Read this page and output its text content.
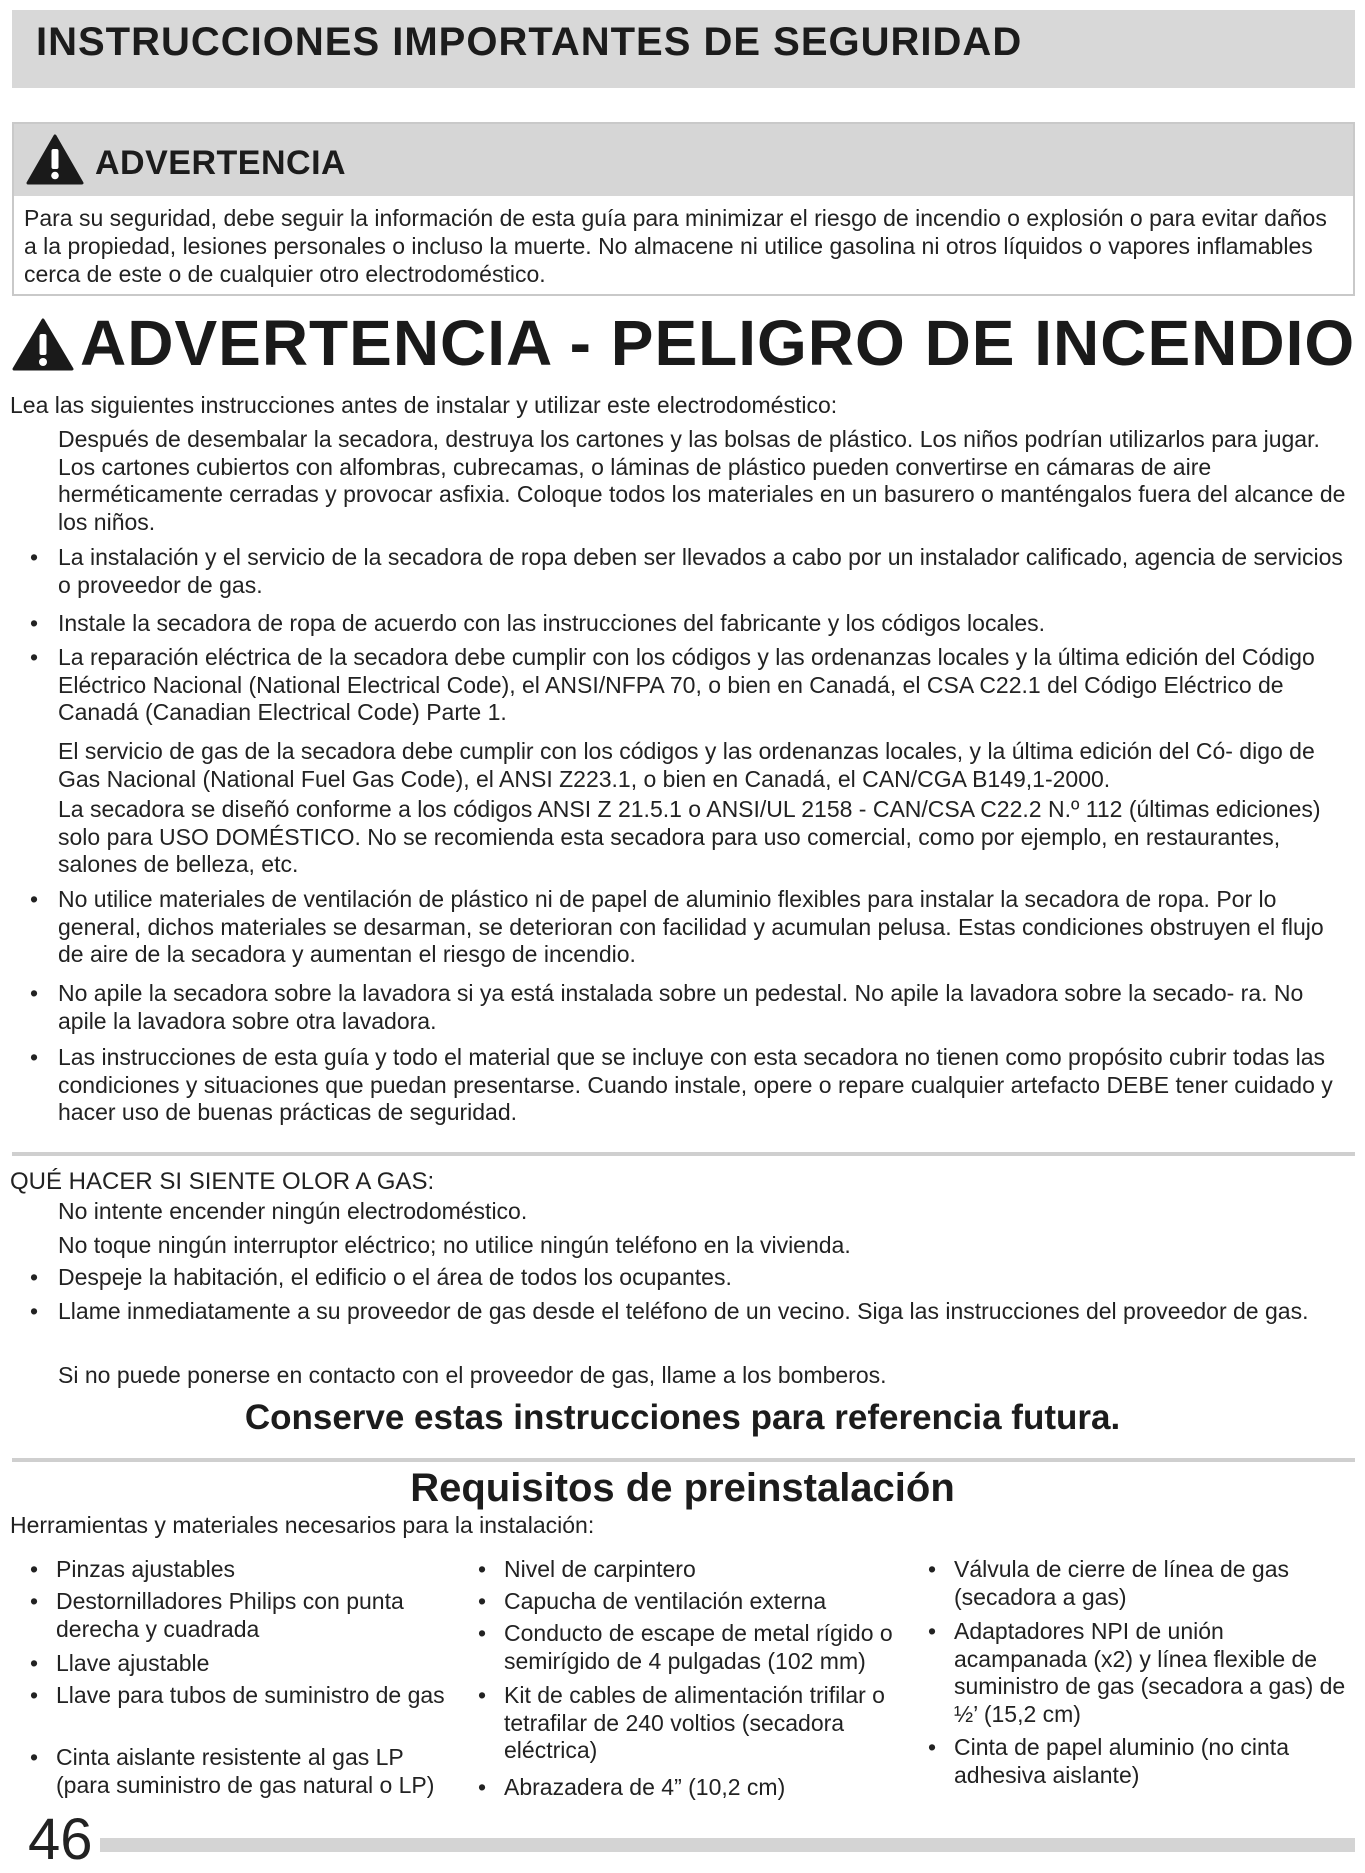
INSTRUCCIONES IMPORTANTES DE SEGURIDAD
ADVERTENCIA
Para su seguridad, debe seguir la información de esta guía para minimizar el riesgo de incendio o explosión o para evitar daños a la propiedad, lesiones personales o incluso la muerte. No almacene ni utilice gasolina ni otros líquidos o vapores inflamables cerca de este o de cualquier otro electrodoméstico.
ADVERTENCIA - PELIGRO DE INCENDIO
Lea las siguientes instrucciones antes de instalar y utilizar este electrodoméstico:
Después de desembalar la secadora, destruya los cartones y las bolsas de plástico. Los niños podrían utilizarlos para jugar. Los cartones cubiertos con alfombras, cubrecamas, o láminas de plástico pueden convertirse en cámaras de aire herméticamente cerradas y provocar asfixia. Coloque todos los materiales en un basurero o manténgalos fuera del alcance de los niños.
• La instalación y el servicio de la secadora de ropa deben ser llevados a cabo por un instalador calificado, agencia de servicios o proveedor de gas.
• Instale la secadora de ropa de acuerdo con las instrucciones del fabricante y los códigos locales.
• La reparación eléctrica de la secadora debe cumplir con los códigos y las ordenanzas locales y la última edición del Código Eléctrico Nacional (National Electrical Code), el ANSI/NFPA 70, o bien en Canadá, el CSA C22.1 del Código Eléctrico de Canadá (Canadian Electrical Code) Parte 1.
El servicio de gas de la secadora debe cumplir con los códigos y las ordenanzas locales, y la última edición del Có- digo de Gas Nacional (National Fuel Gas Code), el ANSI Z223.1, o bien en Canadá, el CAN/CGA B149,1-2000.
La secadora se diseñó conforme a los códigos ANSI Z 21.5.1 o ANSI/UL 2158 - CAN/CSA C22.2 N.º 112 (últimas ediciones) solo para USO DOMÉSTICO. No se recomienda esta secadora para uso comercial, como por ejemplo, en restaurantes, salones de belleza, etc.
• No utilice materiales de ventilación de plástico ni de papel de aluminio flexibles para instalar la secadora de ropa. Por lo general, dichos materiales se desarman, se deterioran con facilidad y acumulan pelusa. Estas condiciones obstruyen el flujo de aire de la secadora y aumentan el riesgo de incendio.
• No apile la secadora sobre la lavadora si ya está instalada sobre un pedestal. No apile la lavadora sobre la secado- ra. No apile la lavadora sobre otra lavadora.
• Las instrucciones de esta guía y todo el material que se incluye con esta secadora no tienen como propósito cubrir todas las condiciones y situaciones que puedan presentarse. Cuando instale, opere o repare cualquier artefacto DEBE tener cuidado y hacer uso de buenas prácticas de seguridad.
QUÉ HACER SI SIENTE OLOR A GAS:
No intente encender ningún electrodoméstico.
No toque ningún interruptor eléctrico; no utilice ningún teléfono en la vivienda.
• Despeje la habitación, el edificio o el área de todos los ocupantes.
• Llame inmediatamente a su proveedor de gas desde el teléfono de un vecino. Siga las instrucciones del proveedor de gas.
Si no puede ponerse en contacto con el proveedor de gas, llame a los bomberos.
Conserve estas instrucciones para referencia futura.
Requisitos de preinstalación
Herramientas y materiales necesarios para la instalación:
• Pinzas ajustables
• Destornilladores Philips con punta derecha y cuadrada
• Llave ajustable
• Llave para tubos de suministro de gas
• Cinta aislante resistente al gas LP (para suministro de gas natural o LP)
• Nivel de carpintero
• Capucha de ventilación externa
• Conducto de escape de metal rígido o semirígido de 4 pulgadas (102 mm)
• Kit de cables de alimentación trifilar o tetrafilar de 240 voltios (secadora eléctrica)
• Abrazadera de 4” (10,2 cm)
• Válvula de cierre de línea de gas (secadora a gas)
• Adaptadores NPI de unión acampanada (x2) y línea flexible de suministro de gas (secadora a gas) de ½’ (15,2 cm)
• Cinta de papel aluminio (no cinta adhesiva aislante)
46
